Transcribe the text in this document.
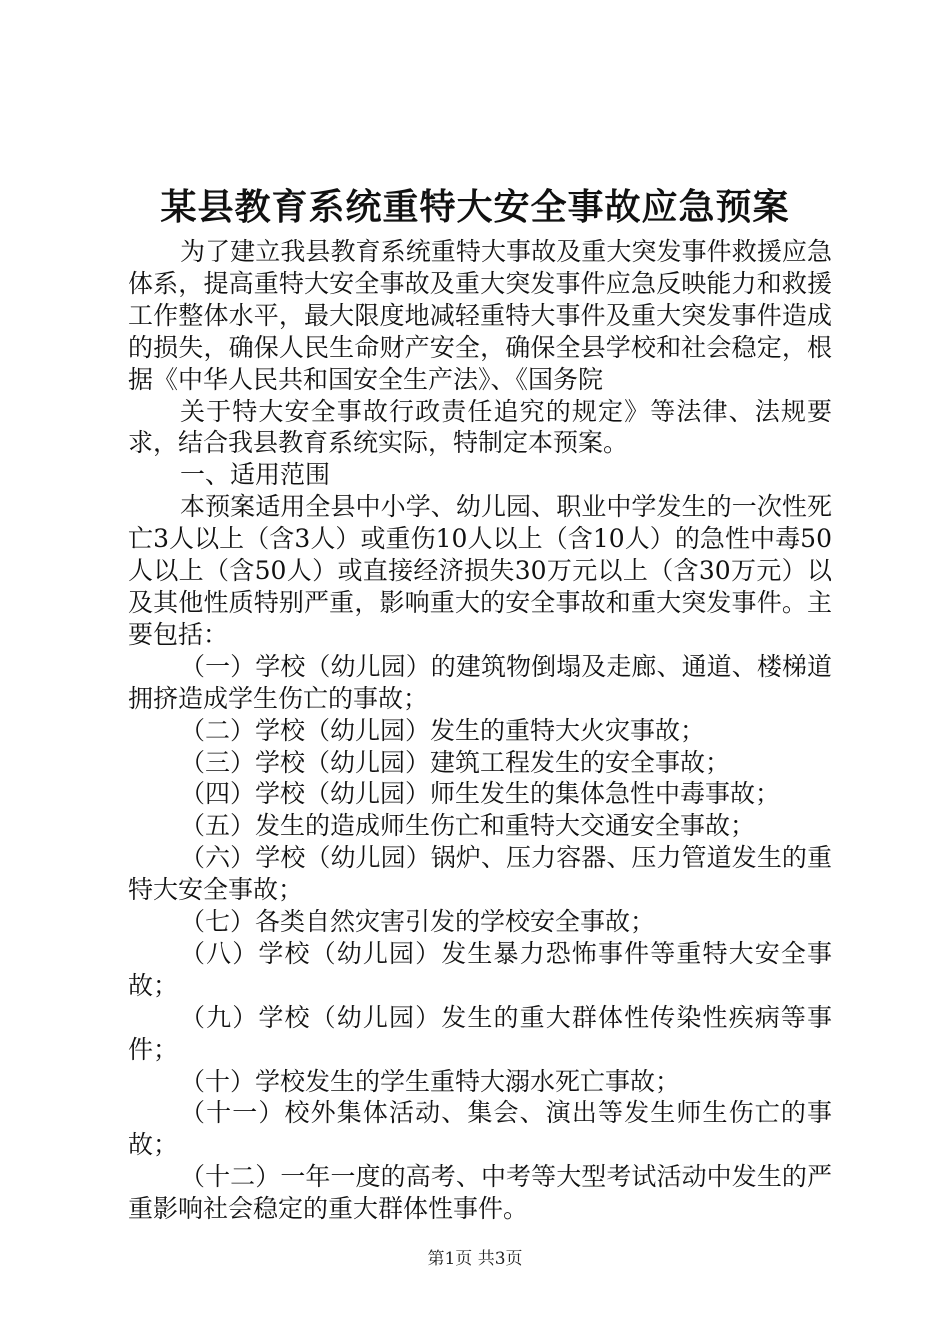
某县教育系统重特大安全事故应急预案

为了建立我县教育系统重特大事故及重大突发事件救援应急体系，提高重特大安全事故及重大突发事件应急反映能力和救援工作整体水平，最大限度地减轻重特大事件及重大突发事件造成的损失，确保人民生命财产安全，确保全县学校和社会稳定，根据《中华人民共和国安全生产法》、《国务院

关于特大安全事故行政责任追究的规定》等法律、法规要求，结合我县教育系统实际，特制定本预案。

一、适用范围

本预案适用全县中小学、幼儿园、职业中学发生的一次性死亡3人以上（含3人）或重伤10人以上（含10人）的急性中毒50人以上（含50人）或直接经济损失30万元以上（含30万元）以及其他性质特别严重，影响重大的安全事故和重大突发事件。主要包括：

（一）学校（幼儿园）的建筑物倒塌及走廊、通道、楼梯道拥挤造成学生伤亡的事故；

（二）学校（幼儿园）发生的重特大火灾事故；

（三）学校（幼儿园）建筑工程发生的安全事故；

（四）学校（幼儿园）师生发生的集体急性中毒事故；

（五）发生的造成师生伤亡和重特大交通安全事故；

（六）学校（幼儿园）锅炉、压力容器、压力管道发生的重特大安全事故；

（七）各类自然灾害引发的学校安全事故；

（八）学校（幼儿园）发生暴力恐怖事件等重特大安全事故；

（九）学校（幼儿园）发生的重大群体性传染性疾病等事件；

（十）学校发生的学生重特大溺水死亡事故；

（十一）校外集体活动、集会、演出等发生师生伤亡的事故；

（十二）一年一度的高考、中考等大型考试活动中发生的严重影响社会稳定的重大群体性事件。

第1页 共3页
